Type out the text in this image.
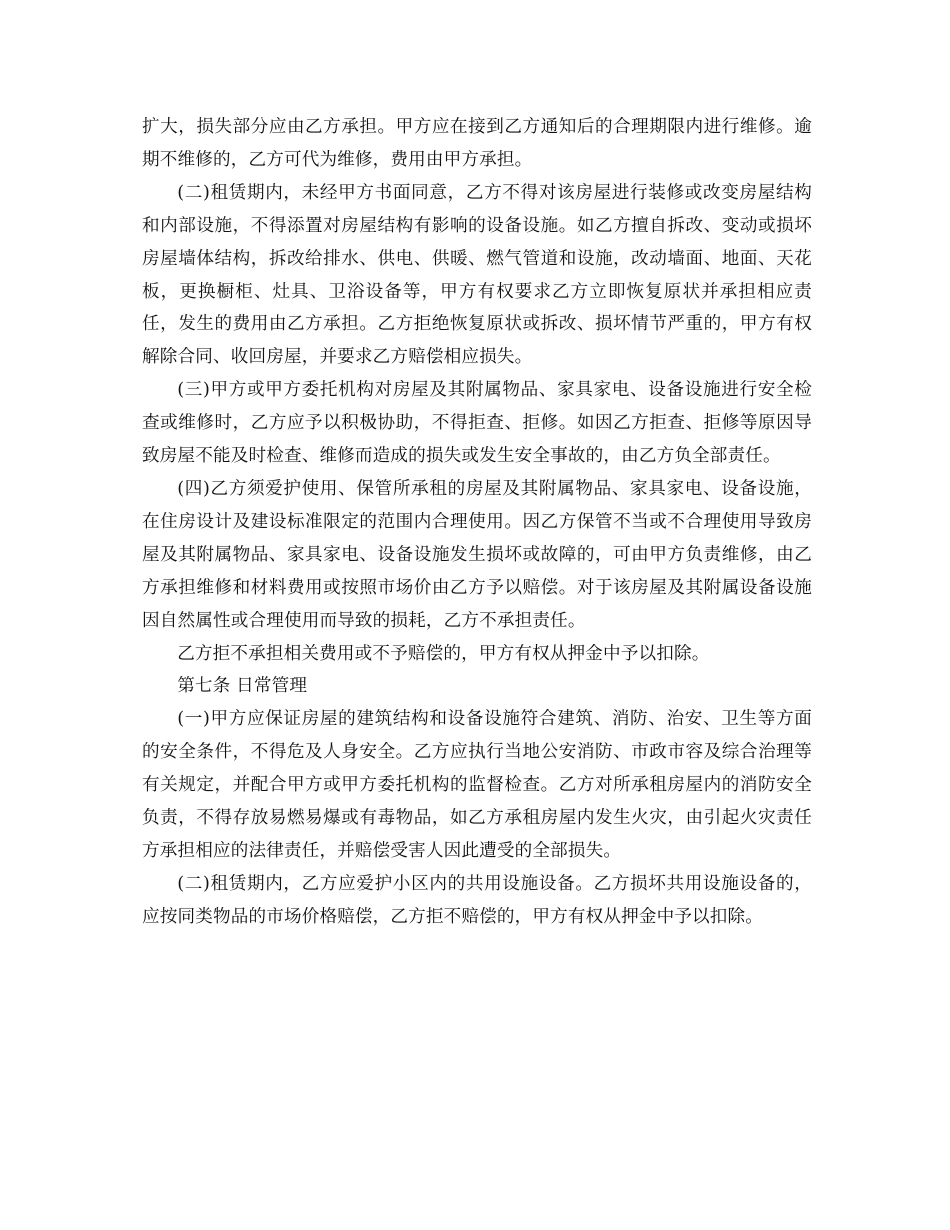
扩大，损失部分应由乙方承担。甲方应在接到乙方通知后的合理期限内进行维修。逾期不维修的，乙方可代为维修，费用由甲方承担。

(二)租赁期内，未经甲方书面同意，乙方不得对该房屋进行装修或改变房屋结构和内部设施，不得添置对房屋结构有影响的设备设施。如乙方擅自拆改、变动或损坏房屋墙体结构，拆改给排水、供电、供暖、燃气管道和设施，改动墙面、地面、天花板，更换橱柜、灶具、卫浴设备等，甲方有权要求乙方立即恢复原状并承担相应责任，发生的费用由乙方承担。乙方拒绝恢复原状或拆改、损坏情节严重的，甲方有权解除合同、收回房屋，并要求乙方赔偿相应损失。

(三)甲方或甲方委托机构对房屋及其附属物品、家具家电、设备设施进行安全检查或维修时，乙方应予以积极协助，不得拒查、拒修。如因乙方拒查、拒修等原因导致房屋不能及时检查、维修而造成的损失或发生安全事故的，由乙方负全部责任。

(四)乙方须爱护使用、保管所承租的房屋及其附属物品、家具家电、设备设施，在住房设计及建设标准限定的范围内合理使用。因乙方保管不当或不合理使用导致房屋及其附属物品、家具家电、设备设施发生损坏或故障的，可由甲方负责维修，由乙方承担维修和材料费用或按照市场价由乙方予以赔偿。对于该房屋及其附属设备设施因自然属性或合理使用而导致的损耗，乙方不承担责任。

乙方拒不承担相关费用或不予赔偿的，甲方有权从押金中予以扣除。

第七条 日常管理

(一)甲方应保证房屋的建筑结构和设备设施符合建筑、消防、治安、卫生等方面的安全条件，不得危及人身安全。乙方应执行当地公安消防、市政市容及综合治理等有关规定，并配合甲方或甲方委托机构的监督检查。乙方对所承租房屋内的消防安全负责，不得存放易燃易爆或有毒物品，如乙方承租房屋内发生火灾，由引起火灾责任方承担相应的法律责任，并赔偿受害人因此遭受的全部损失。

(二)租赁期内，乙方应爱护小区内的共用设施设备。乙方损坏共用设施设备的，应按同类物品的市场价格赔偿，乙方拒不赔偿的，甲方有权从押金中予以扣除。
